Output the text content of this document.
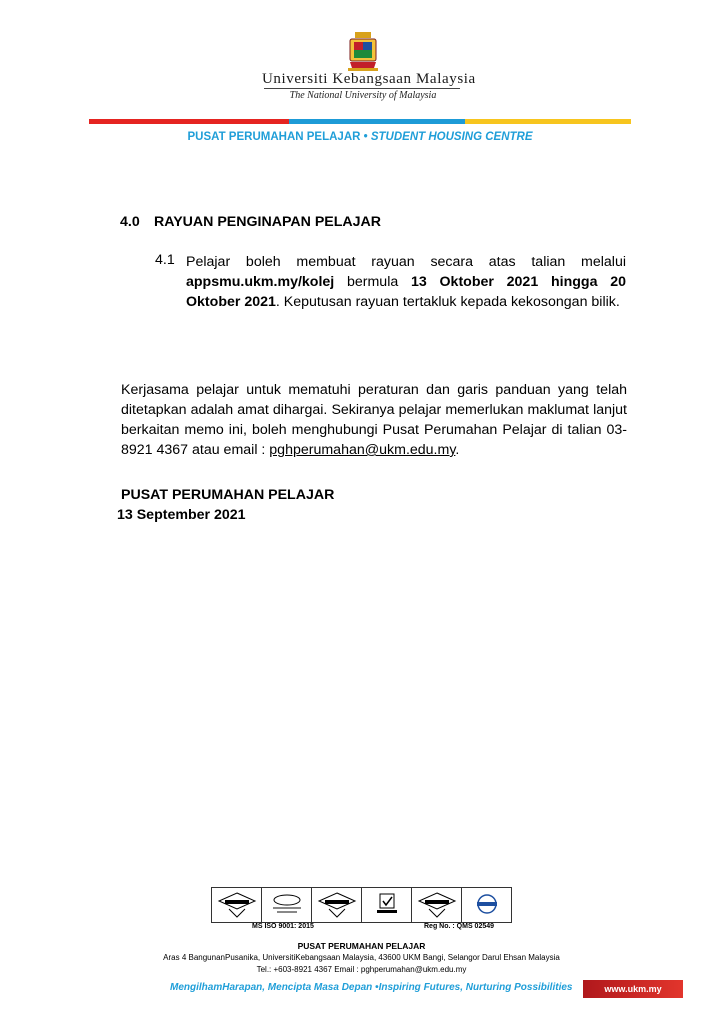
Universiti Kebangsaan Malaysia
The National University of Malaysia
PUSAT PERUMAHAN PELAJAR • STUDENT HOUSING CENTRE
4.0 RAYUAN PENGINAPAN PELAJAR
4.1 Pelajar boleh membuat rayuan secara atas talian melalui appsmu.ukm.my/kolej bermula 13 Oktober 2021 hingga 20 Oktober 2021. Keputusan rayuan tertakluk kepada kekosongan bilik.
Kerjasama pelajar untuk mematuhi peraturan dan garis panduan yang telah ditetapkan adalah amat dihargai. Sekiranya pelajar memerlukan maklumat lanjut berkaitan memo ini, boleh menghubungi Pusat Perumahan Pelajar di talian 03-8921 4367 atau email : pghperumahan@ukm.edu.my.
PUSAT PERUMAHAN PELAJAR
13 September 2021
MS ISO 9001: 2015	Reg No. : QMS 02549
PUSAT PERUMAHAN PELAJAR
Aras 4 BangunanPusanika, UniversitiKebangsaan Malaysia, 43600 UKM Bangi, Selangor Darul Ehsan Malaysia
Tel.: +603-8921 4367 Email : pghperumahan@ukm.edu.my
MengilhamHarapan, Mencipta Masa Depan •Inspiring Futures, Nurturing Possibilities	www.ukm.my
